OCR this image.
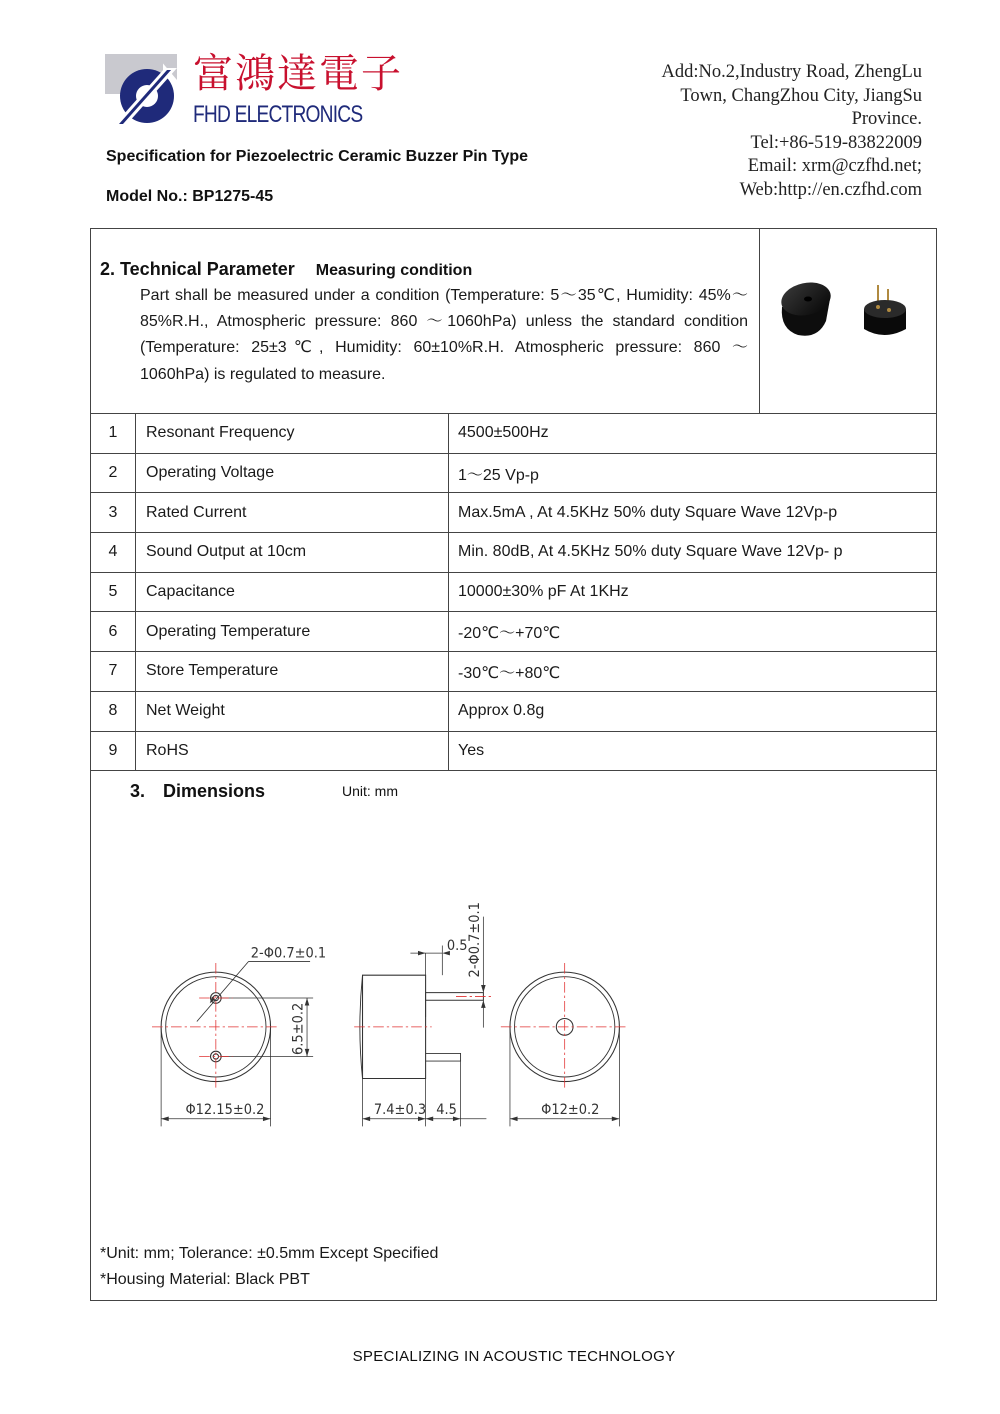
富鴻達電子
FHD ELECTRONICS
Specification for Piezoelectric Ceramic Buzzer Pin Type
Model No.: BP1275-45
Add:No.2,Industry Road, ZhengLu
Town, ChangZhou City, JiangSu
Province.
Tel:+86-519-83822009
Email: xrm@czfhd.net;
Web:http://en.czfhd.com
2. Technical Parameter Measuring condition
Part shall be measured under a condition (Temperature: 5～35℃, Humidity: 45%～85%R.H., Atmospheric pressure: 860 ～1060hPa) unless the standard condition (Temperature: 25±3℃, Humidity: 60±10%R.H. Atmospheric pressure: 860 ～1060hPa) is regulated to measure.
1	Resonant Frequency	4500±500Hz
2	Operating Voltage	1～25 Vp-p
3	Rated Current	Max.5mA , At 4.5KHz 50% duty Square Wave 12Vp-p
4	Sound Output at 10cm	Min. 80dB, At 4.5KHz 50% duty Square Wave 12Vp- p
5	Capacitance	10000±30% pF At 1KHz
6	Operating Temperature	-20℃～+70℃
7	Store Temperature	-30℃～+80℃
8	Net Weight	Approx 0.8g
9	RoHS	Yes
3. Dimensions	Unit: mm
*Unit: mm; Tolerance: ±0.5mm Except Specified
*Housing Material: Black PBT
2-Φ0.7±0.1
6.5±0.2
Φ12.15±0.2
0.5 2-Φ0.7±0.1
7.4±0.3 4.5	Φ12±0.2
SPECIALIZING IN ACOUSTIC TECHNOLOGY
